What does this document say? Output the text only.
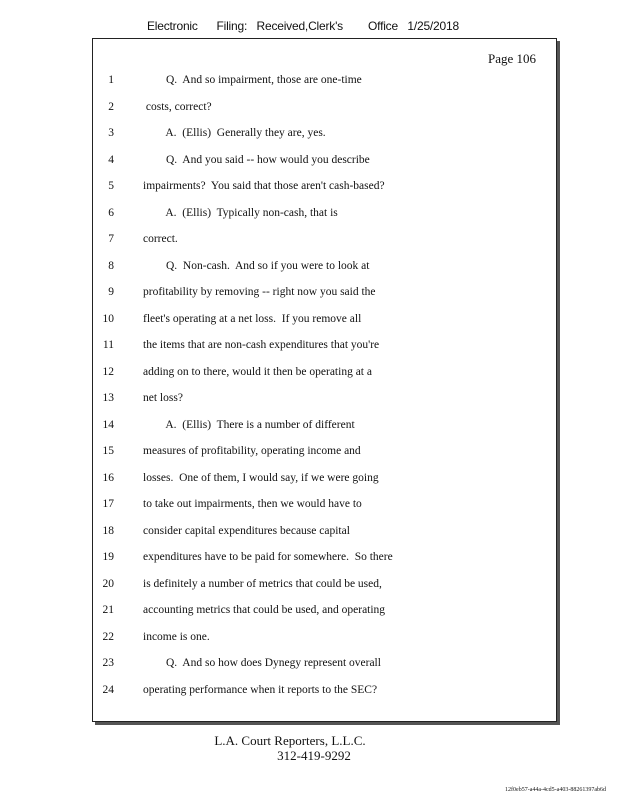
Electronic      Filing:   Received,Clerk's        Office   1/25/2018

Page 106

1	Q.  And so impairment, those are one-time
2	costs, correct?
3	A.  (Ellis)  Generally they are, yes.
4	Q.  And you said -- how would you describe
5	impairments?  You said that those aren't cash-based?
6	A.  (Ellis)  Typically non-cash, that is
7	correct.
8	Q.  Non-cash.  And so if you were to look at
9	profitability by removing -- right now you said the
10	fleet's operating at a net loss.  If you remove all
11	the items that are non-cash expenditures that you're
12	adding on to there, would it then be operating at a
13	net loss?
14	A.  (Ellis)  There is a number of different
15	measures of profitability, operating income and
16	losses.  One of them, I would say, if we were going
17	to take out impairments, then we would have to
18	consider capital expenditures because capital
19	expenditures have to be paid for somewhere.  So there
20	is definitely a number of metrics that could be used,
21	accounting metrics that could be used, and operating
22	income is one.
23	Q.  And so how does Dynegy represent overall
24	operating performance when it reports to the SEC?

L.A. Court Reporters, L.L.C.

312-419-9292

12f0eb57-a44a-4cd5-a403-88261397ab6d
